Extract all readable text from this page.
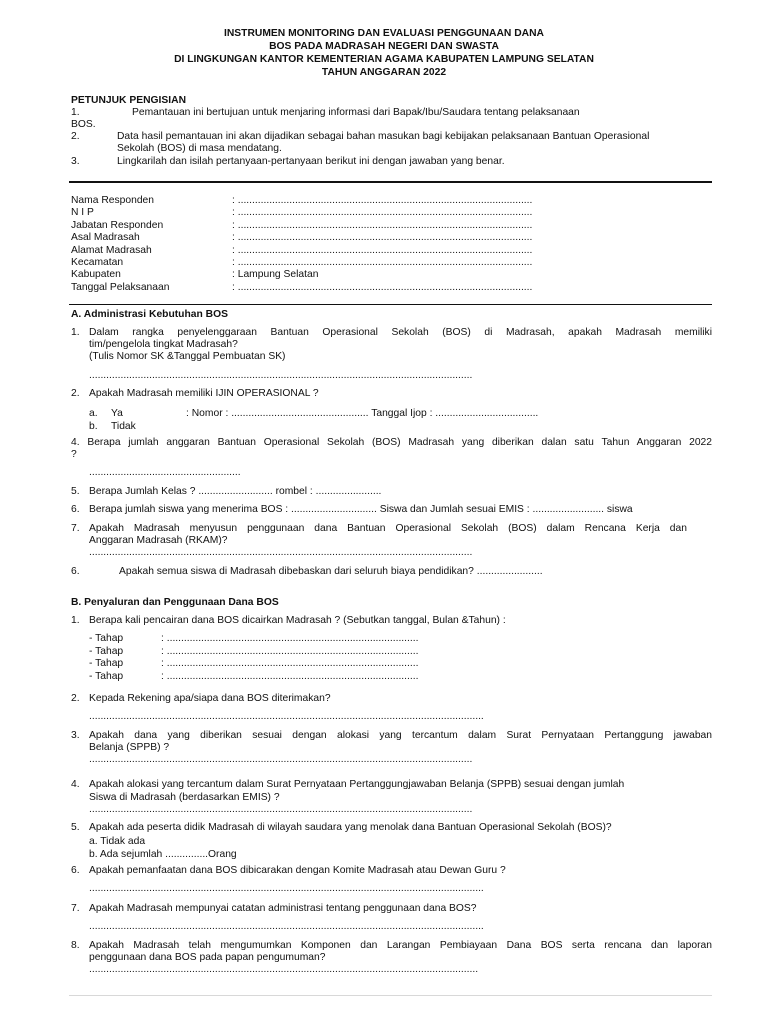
INSTRUMEN MONITORING DAN EVALUASI PENGGUNAAN DANA
BOS PADA MADRASAH NEGERI DAN SWASTA
DI LINGKUNGAN KANTOR KEMENTERIAN AGAMA KABUPATEN LAMPUNG SELATAN
TAHUN ANGGARAN 2022
PETUNJUK PENGISIAN
1.	Pemantauan ini bertujuan untuk menjaring informasi dari Bapak/Ibu/Saudara tentang pelaksanaan
BOS.
2.	Data hasil pemantauan ini akan dijadikan sebagai bahan masukan bagi kebijakan pelaksanaan Bantuan Operasional
Sekolah (BOS) di masa mendatang.
3.	Lingkarilah dan isilah pertanyaan-pertanyaan berikut ini dengan jawaban yang benar.
Nama Responden	: .......................................................................................................
N I P	: .......................................................................................................
Jabatan Responden	: .......................................................................................................
Asal Madrasah	: .......................................................................................................
Alamat Madrasah	: .......................................................................................................
Kecamatan	: .......................................................................................................
Kabupaten	: Lampung Selatan
Tanggal Pelaksanaan	: .......................................................................................................
A. Administrasi Kebutuhan BOS
1. Dalam rangka penyelenggaraan Bantuan Operasional Sekolah (BOS) di Madrasah, apakah Madrasah memiliki
tim/pengelola tingkat Madrasah?
(Tulis Nomor SK &Tanggal Pembuatan SK)
......................................................................................................................................
2. Apakah Madrasah memiliki IJIN OPERASIONAL ?
a. Ya	: Nomor : ................................................ Tanggal Ijop : ....................................
b. Tidak
4. Berapa jumlah anggaran Bantuan Operasional Sekolah (BOS) Madrasah yang diberikan dalan satu Tahun Anggaran 2022
?
.....................................................
5. Berapa Jumlah Kelas ? .......................... rombel : .......................
6. Berapa jumlah siswa yang menerima BOS : .............................. Siswa dan Jumlah sesuai EMIS : ......................... siswa
7. Apakah Madrasah menyusun penggunaan dana Bantuan Operasional Sekolah (BOS) dalam Rencana Kerja dan
Anggaran Madrasah (RKAM)?
......................................................................................................................................
6.	Apakah semua siswa di Madrasah dibebaskan dari seluruh biaya pendidikan? .......................
B. Penyaluran dan Penggunaan Dana BOS
1. Berapa kali pencairan dana BOS dicairkan Madrasah ? (Sebutkan tanggal, Bulan &Tahun) :
- Tahap	: ........................................................................................
- Tahap	: ........................................................................................
- Tahap	: ........................................................................................
- Tahap	: ........................................................................................
2. Kepada Rekening apa/siapa dana BOS diterimakan?
..........................................................................................................................................
3. Apakah dana yang diberikan sesuai dengan alokasi yang tercantum dalam Surat Pernyataan Pertanggung jawaban
Belanja (SPPB) ?
......................................................................................................................................
4. Apakah alokasi yang tercantum dalam Surat Pernyataan Pertanggungjawaban Belanja (SPPB) sesuai dengan jumlah
Siswa di Madrasah (berdasarkan EMIS) ?
......................................................................................................................................
5. Apakah ada peserta didik Madrasah di wilayah saudara yang menolak dana Bantuan Operasional Sekolah (BOS)?
a. Tidak ada
b. Ada sejumlah ...............Orang
6. Apakah pemanfaatan dana BOS dibicarakan dengan Komite Madrasah atau Dewan Guru ?
..........................................................................................................................................
7. Apakah Madrasah mempunyai catatan administrasi tentang penggunaan dana BOS?
..........................................................................................................................................
8. Apakah Madrasah telah mengumumkan Komponen dan Larangan Pembiayaan Dana BOS serta rencana dan laporan
penggunaan dana BOS pada papan pengumuman?
........................................................................................................................................
